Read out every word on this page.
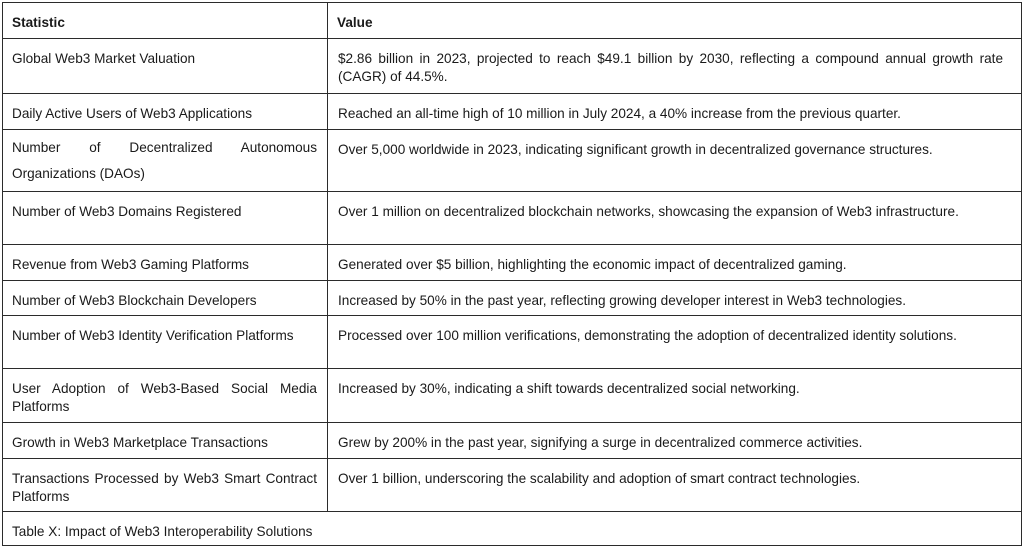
Statistic	Value
Global Web3 Market Valuation	$2.86 billion in 2023, projected to reach $49.1 billion by 2030, reflecting a compound annual growth rate (CAGR) of 44.5%.
Daily Active Users of Web3 Applications	Reached an all-time high of 10 million in July 2024, a 40% increase from the previous quarter.
Number of Decentralized Autonomous Organizations (DAOs)	Over 5,000 worldwide in 2023, indicating significant growth in decentralized governance structures.
Number of Web3 Domains Registered	Over 1 million on decentralized blockchain networks, showcasing the expansion of Web3 infrastructure.
Revenue from Web3 Gaming Platforms	Generated over $5 billion, highlighting the economic impact of decentralized gaming.
Number of Web3 Blockchain Developers	Increased by 50% in the past year, reflecting growing developer interest in Web3 technologies.
Number of Web3 Identity Verification Platforms	Processed over 100 million verifications, demonstrating the adoption of decentralized identity solutions.
User Adoption of Web3-Based Social Media Platforms	Increased by 30%, indicating a shift towards decentralized social networking.
Growth in Web3 Marketplace Transactions	Grew by 200% in the past year, signifying a surge in decentralized commerce activities.
Transactions Processed by Web3 Smart Contract Platforms	Over 1 billion, underscoring the scalability and adoption of smart contract technologies.
Table X: Impact of Web3 Interoperability Solutions	
